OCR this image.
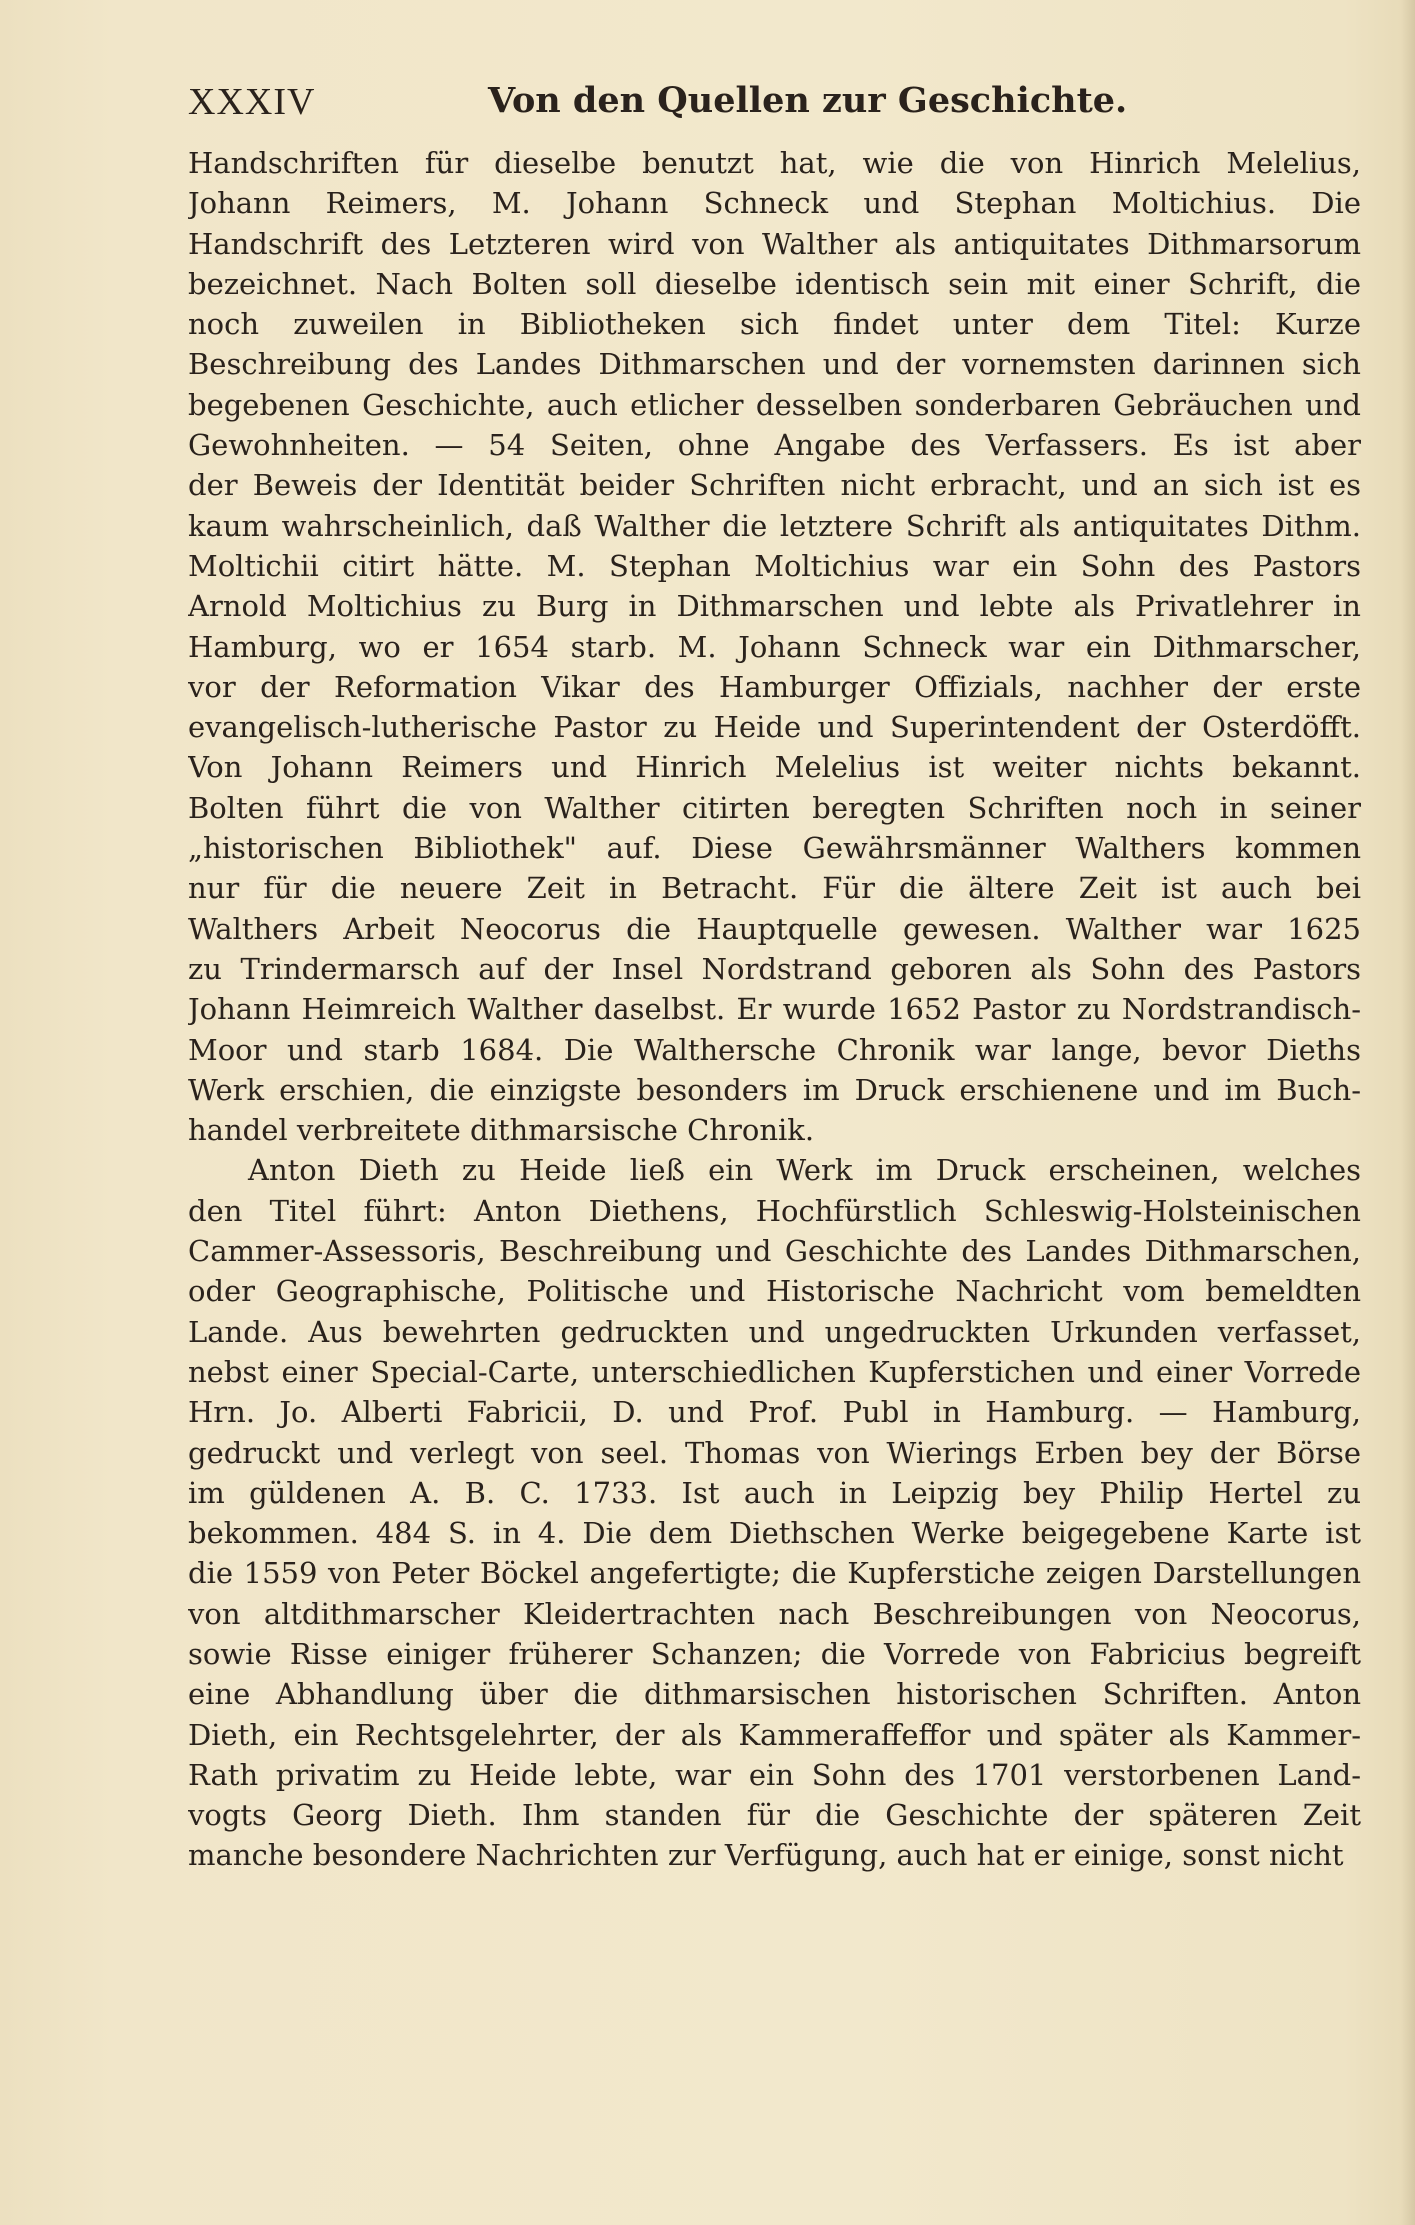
XXXIV	Von den Quellen zur Geschichte.
Handschriften für dieselbe benutzt hat, wie die von Hinrich Melelius,
Johann Reimers, M. Johann Schneck und Stephan Moltichius. Die
Handschrift des Letzteren wird von Walther als antiquitates Dithmarsorum
bezeichnet. Nach Bolten soll dieselbe identisch sein mit einer Schrift, die
noch zuweilen in Bibliotheken sich findet unter dem Titel: Kurze
Beschreibung des Landes Dithmarschen und der vornemsten darinnen sich
begebenen Geschichte, auch etlicher desselben sonderbaren Gebräuchen und
Gewohnheiten. — 54 Seiten, ohne Angabe des Verfassers. Es ist aber
der Beweis der Identität beider Schriften nicht erbracht, und an sich ist es
kaum wahrscheinlich, daß Walther die letztere Schrift als antiquitates Dithm.
Moltichii citirt hätte. M. Stephan Moltichius war ein Sohn des Pastors
Arnold Moltichius zu Burg in Dithmarschen und lebte als Privatlehrer in
Hamburg, wo er 1654 starb. M. Johann Schneck war ein Dithmarscher,
vor der Reformation Vikar des Hamburger Offizials, nachher der erste
evangelisch-lutherische Pastor zu Heide und Superintendent der Osterdöfft.
Von Johann Reimers und Hinrich Melelius ist weiter nichts bekannt.
Bolten führt die von Walther citirten beregten Schriften noch in seiner
„historischen Bibliothek" auf. Diese Gewährsmänner Walthers kommen
nur für die neuere Zeit in Betracht. Für die ältere Zeit ist auch bei
Walthers Arbeit Neocorus die Hauptquelle gewesen. Walther war 1625
zu Trindermarsch auf der Insel Nordstrand geboren als Sohn des Pastors
Johann Heimreich Walther daselbst. Er wurde 1652 Pastor zu Nordstrandisch-
Moor und starb 1684. Die Walthersche Chronik war lange, bevor Dieths
Werk erschien, die einzigste besonders im Druck erschienene und im Buch-
handel verbreitete dithmarsische Chronik.
Anton Dieth zu Heide ließ ein Werk im Druck erscheinen, welches
den Titel führt: Anton Diethens, Hochfürstlich Schleswig-Holsteinischen
Cammer-Assessoris, Beschreibung und Geschichte des Landes Dithmarschen,
oder Geographische, Politische und Historische Nachricht vom bemeldten
Lande. Aus bewehrten gedruckten und ungedruckten Urkunden verfasset,
nebst einer Special-Carte, unterschiedlichen Kupferstichen und einer Vorrede
Hrn. Jo. Alberti Fabricii, D. und Prof. Publ in Hamburg. — Hamburg,
gedruckt und verlegt von seel. Thomas von Wierings Erben bey der Börse
im güldenen A. B. C. 1733. Ist auch in Leipzig bey Philip Hertel zu
bekommen. 484 S. in 4. Die dem Diethschen Werke beigegebene Karte ist
die 1559 von Peter Böckel angefertigte; die Kupferstiche zeigen Darstellungen
von altdithmarscher Kleidertrachten nach Beschreibungen von Neocorus,
sowie Risse einiger früherer Schanzen; die Vorrede von Fabricius begreift
eine Abhandlung über die dithmarsischen historischen Schriften. Anton
Dieth, ein Rechtsgelehrter, der als Kammeraffeffor und später als Kammer-
Rath privatim zu Heide lebte, war ein Sohn des 1701 verstorbenen Land-
vogts Georg Dieth. Ihm standen für die Geschichte der späteren Zeit
manche besondere Nachrichten zur Verfügung, auch hat er einige, sonst nicht
